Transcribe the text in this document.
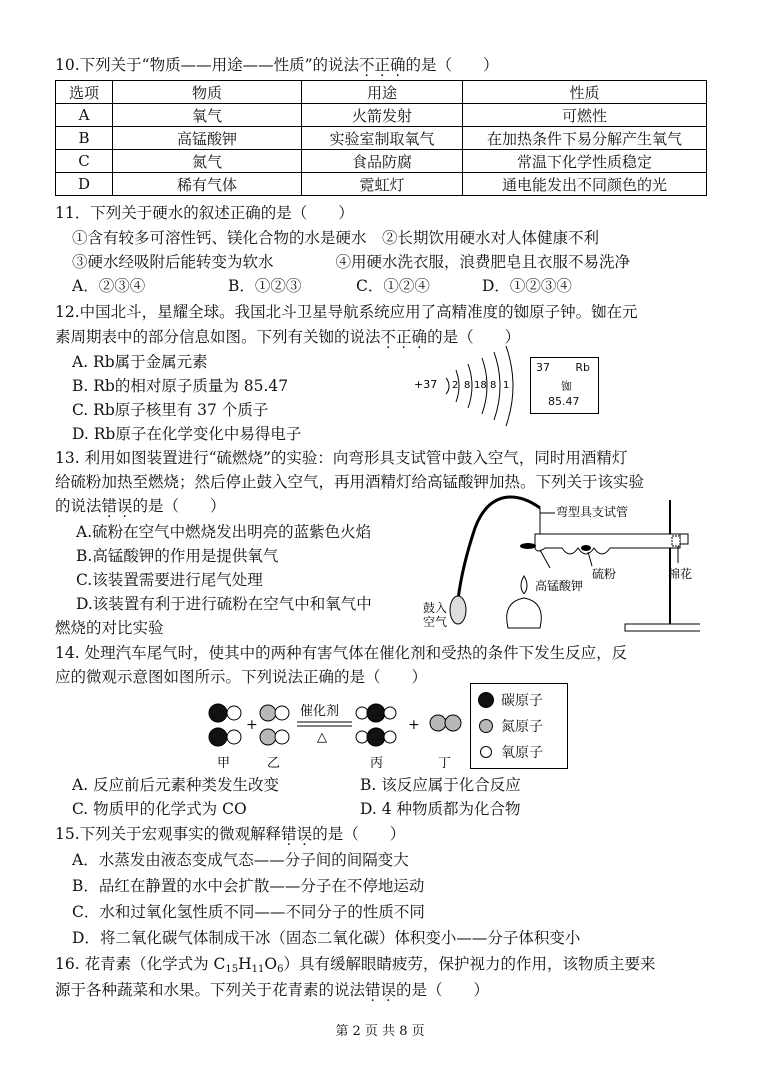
10.下列关于“物质——用途——性质”的说法不正确的是（　　）
选项	物质	用途	性质
A	氧气	火箭发射	可燃性
B	高锰酸钾	实验室制取氧气	在加热条件下易分解产生氧气
C	氮气	食品防腐	常温下化学性质稳定
D	稀有气体	霓虹灯	通电能发出不同颜色的光
11．下列关于硬水的叙述正确的是（　　）
①含有较多可溶性钙、镁化合物的水是硬水　②长期饮用硬水对人体健康不利
③硬水经吸附后能转变为软水　　　　④用硬水洗衣服，浪费肥皂且衣服不易洗净
A．②③④	B．①②③	C．①②④	D．①②③④
12.中国北斗，星耀全球。我国北斗卫星导航系统应用了高精准度的铷原子钟。铷在元
素周期表中的部分信息如图。下列有关铷的说法不正确的是（　　）
A. Rb属于金属元素
B. Rb的相对原子质量为 85.47
C. Rb原子核里有 37 个质子
D. Rb原子在化学变化中易得电子
+37 2 8 18 8 1
37 Rb
铷
85.47
13. 利用如图装置进行“硫燃烧”的实验：向弯形具支试管中鼓入空气，同时用酒精灯
给硫粉加热至燃烧；然后停止鼓入空气，再用酒精灯给高锰酸钾加热。下列关于该实验
的说法错误的是（　　）
A.硫粉在空气中燃烧发出明亮的蓝紫色火焰
B.高锰酸钾的作用是提供氧气
C.该装置需要进行尾气处理
D.该装置有利于进行硫粉在空气中和氧气中
燃烧的对比实验
弯型具支试管
高锰酸钾
硫粉	棉花
鼓入
空气
14. 处理汽车尾气时，使其中的两种有害气体在催化剂和受热的条件下发生反应，反
应的微观示意图如图所示。下列说法正确的是（　　）
+
催化剂
△
+
甲	乙	丙	丁
碳原子
氮原子
氧原子
A. 反应前后元素种类发生改变	B. 该反应属于化合反应
C. 物质甲的化学式为 CO	D. 4 种物质都为化合物
15.下列关于宏观事实的微观解释错误的是（　　）
A．水蒸发由液态变成气态——分子间的间隔变大
B．品红在静置的水中会扩散——分子在不停地运动
C．水和过氧化氢性质不同——不同分子的性质不同
D．将二氧化碳气体制成干冰（固态二氧化碳）体积变小——分子体积变小
16. 花青素（化学式为 $C_{15}H_{11}O_6$）具有缓解眼睛疲劳，保护视力的作用，该物质主要来
源于各种蔬菜和水果。下列关于花青素的说法错误的是（　　）
第 2 页 共 8 页
